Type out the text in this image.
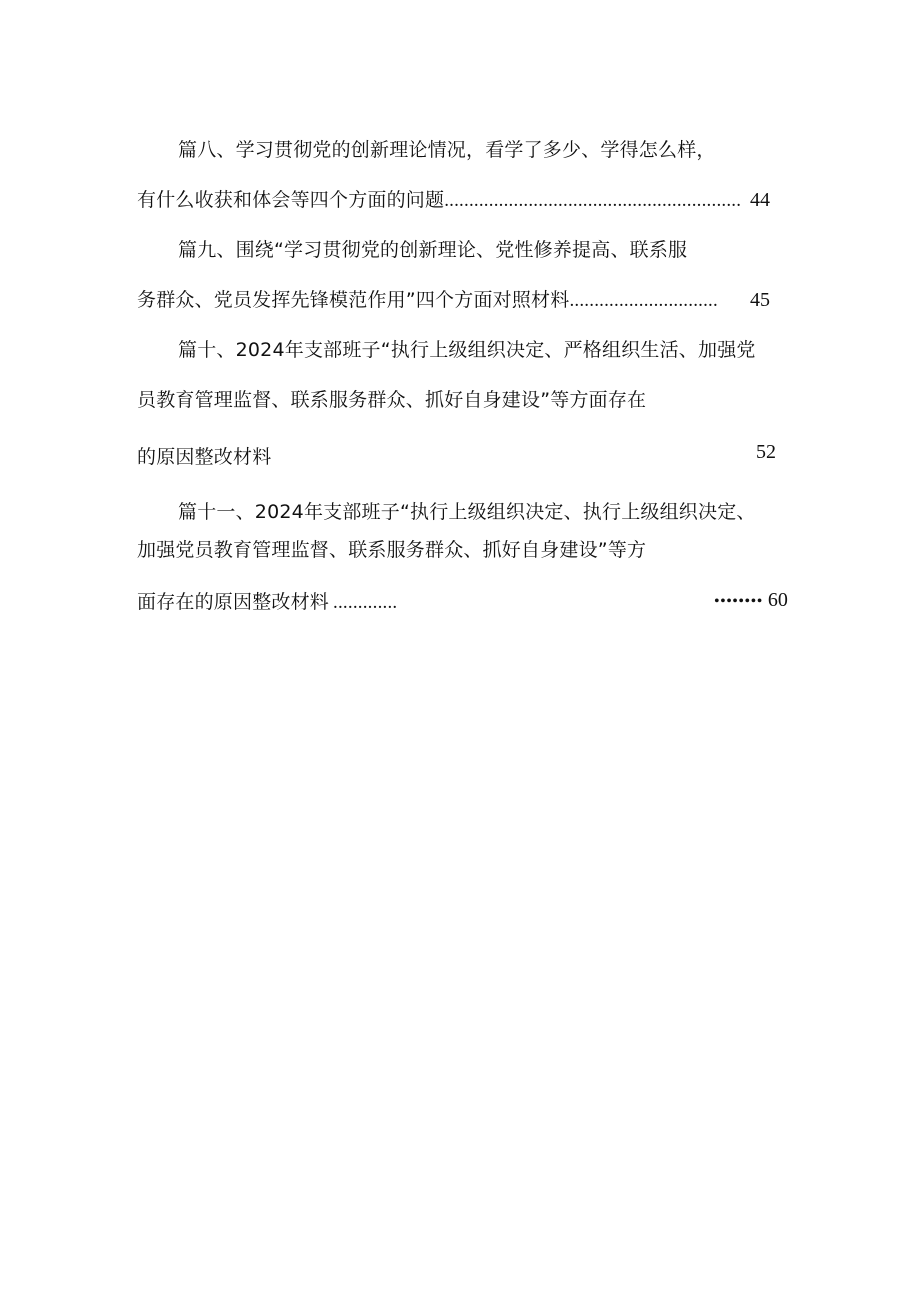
篇八、学习贯彻党的创新理论情况，看学了多少、学得怎么样，
有什么收获和体会等四个方面的问题............................................................ 44
篇九、围绕“学习贯彻党的创新理论、党性修养提高、联系服
务群众、党员发挥先锋模范作用”四个方面对照材料.............................. 45
篇十、2024年支部班子“执行上级组织决定、严格组织生活、加强党
员教育管理监督、联系服务群众、抓好自身建设”等方面存在
的原因整改材料	52
篇十一、2024年支部班子“执行上级组织决定、执行上级组织决定、
加强党员教育管理监督、联系服务群众、抓好自身建设”等方
面存在的原因整改材料 .............	•••••••• 60
